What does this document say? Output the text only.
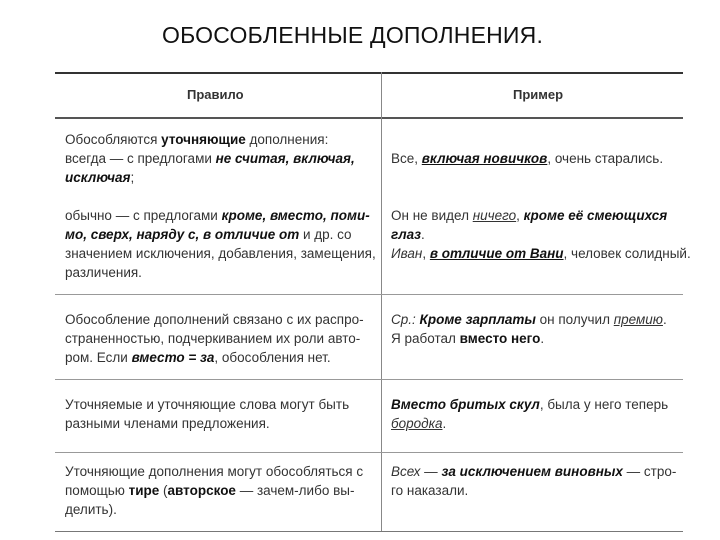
ОБОСОБЛЕННЫЕ ДОПОЛНЕНИЯ.
Правило	Пример
Обособляются уточняющие дополнения:
всегда — с предлогами не считая, включая,
исключая;
обычно — с предлогами кроме, вместо, поми-
мо, сверх, наряду с, в отличие от и др. со
значением исключения, добавления, замещения,
различения.
Все, включая новичков, очень старались.
Он не видел ничего, кроме её смеющихся
глаз.
Иван, в отличие от Вани, человек солидный.
Обособление дополнений связано с их распро-
страненностью, подчеркиванием их роли авто-
ром. Если вместо = за, обособления нет.
Ср.: Кроме зарплаты он получил премию.
Я работал вместо него.
Уточняемые и уточняющие слова могут быть
разными членами предложения.
Вместо бритых скул, была у него теперь
бородка.
Уточняющие дополнения могут обособляться с
помощью тире (авторское — зачем-либо вы-
делить).
Всех — за исключением виновных — стро-
го наказали.
